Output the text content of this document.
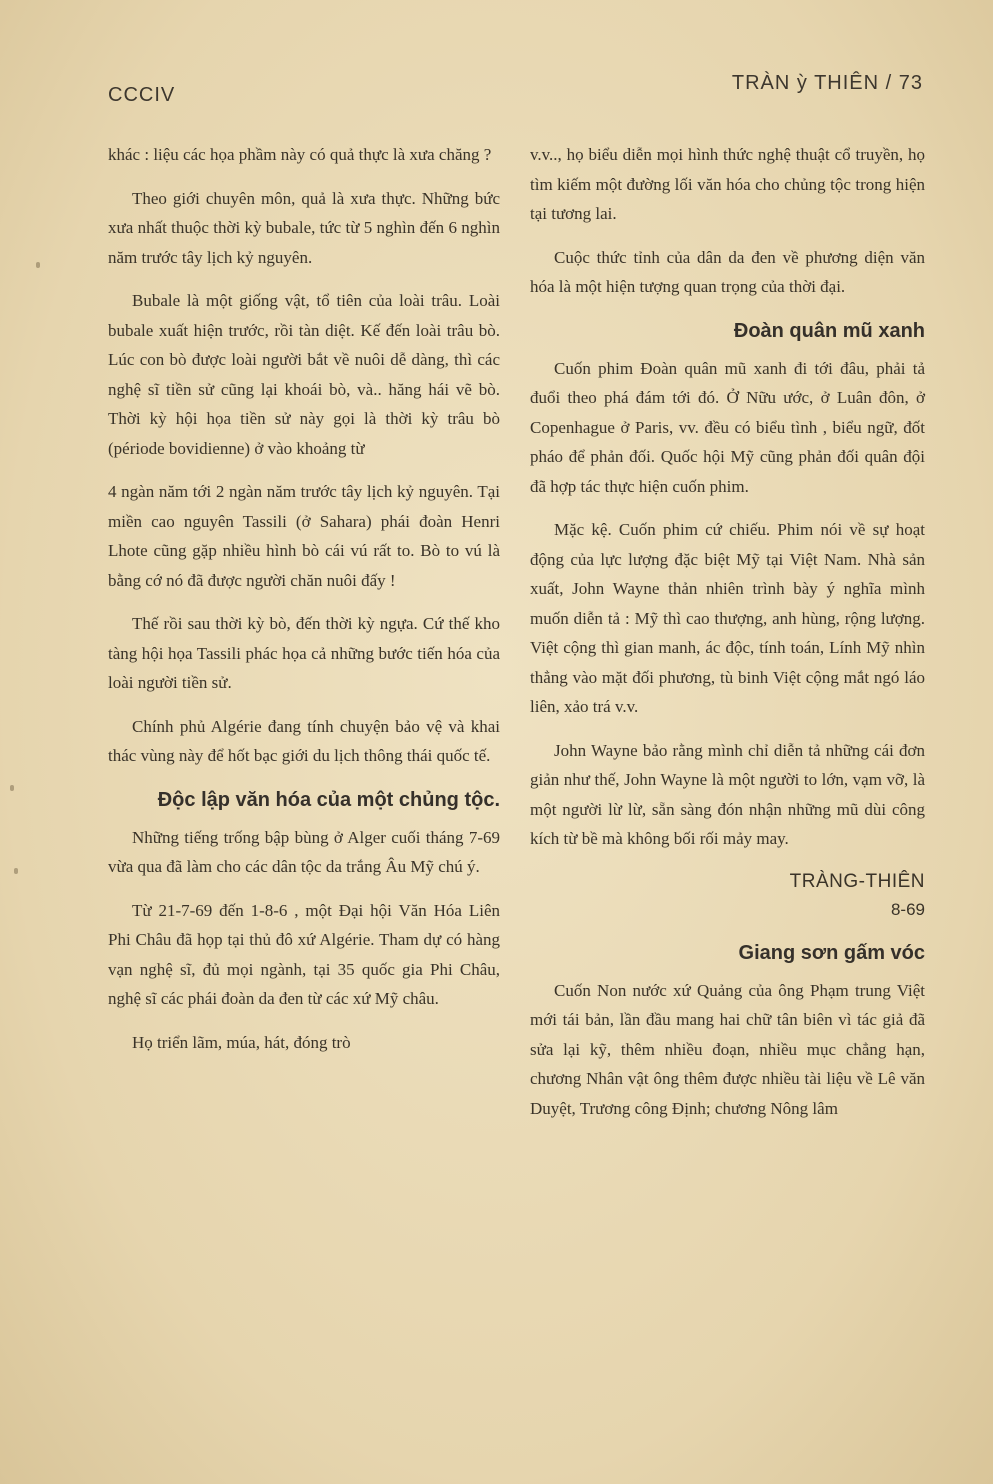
CCCIV
TRÀN ỳ THIÊN / 73

khác : liệu các họa phầm này có quả thực là xưa chăng ?

Theo giới chuyên môn, quả là xưa thực. Những bức xưa nhất thuộc thời kỳ bubale, tức từ 5 nghìn đến 6 nghìn năm trước tây lịch kỷ nguyên.

Bubale là một giống vật, tổ tiên của loài trâu. Loài bubale xuất hiện trước, rồi tàn diệt. Kế đến loài trâu bò. Lúc con bò được loài người bắt về nuôi dễ dàng, thì các nghệ sĩ tiền sử cũng lại khoái bò, và.. hăng hái vẽ bò. Thời kỳ hội họa tiền sử này gọi là thời kỳ trâu bò (période bovidienne) ở vào khoảng từ

4 ngàn năm tới 2 ngàn năm trước tây lịch kỷ nguyên. Tại miền cao nguyên Tassili (ở Sahara) phái đoàn Henri Lhote cũng gặp nhiều hình bò cái vú rất to. Bò to vú là bằng cớ nó đã được người chăn nuôi đấy !

Thế rồi sau thời kỳ bò, đến thời kỳ ngựa. Cứ thế kho tàng hội họa Tassili phác họa cả những bước tiến hóa của loài người tiền sử.

Chính phủ Algérie đang tính chuyện bảo vệ và khai thác vùng này để hốt bạc giới du lịch thông thái quốc tế.

Độc lập văn hóa của một chủng tộc.

Những tiếng trống bập bùng ở Alger cuối tháng 7-69 vừa qua đã làm cho các dân tộc da trắng Âu Mỹ chú ý.

Từ 21-7-69 đến 1-8-6 , một Đại hội Văn Hóa Liên Phi Châu đã họp tại thủ đô xứ Algérie. Tham dự có hàng vạn nghệ sĩ, đủ mọi ngành, tại 35 quốc gia Phi Châu, nghệ sĩ các phái đoàn da đen từ các xứ Mỹ châu.

Họ triển lãm, múa, hát, đóng trò

v.v.., họ biểu diễn mọi hình thức nghệ thuật cổ truyền, họ tìm kiếm một đường lối văn hóa cho chủng tộc trong hiện tại tương lai.

Cuộc thức tỉnh của dân da đen về phương diện văn hóa là một hiện tượng quan trọng của thời đại.

Đoàn quân mũ xanh

Cuốn phim Đoàn quân mũ xanh đi tới đâu, phải tả đuổi theo phá đám tới đó. Ở Nữu ước, ở Luân đôn, ở Copenhague ở Paris, vv. đều có biểu tình , biểu ngữ, đốt pháo để phản đối. Quốc hội Mỹ cũng phản đối quân đội đã hợp tác thực hiện cuốn phim.

Mặc kệ. Cuốn phim cứ chiếu. Phim nói về sự hoạt động của lực lượng đặc biệt Mỹ tại Việt Nam. Nhà sản xuất, John Wayne thản nhiên trình bày ý nghĩa mình muốn diễn tả : Mỹ thì cao thượng, anh hùng, rộng lượng. Việt cộng thì gian manh, ác độc, tính toán, Lính Mỹ nhìn thẳng vào mặt đối phương, tù binh Việt cộng mắt ngó láo liên, xảo trá v.v.

John Wayne bảo rằng mình chỉ diễn tả những cái đơn giản như thế, John Wayne là một người to lớn, vạm vỡ, là một người lừ lừ, sẵn sàng đón nhận những mũ dùi công kích từ bề mà không bối rối mảy may.

TRÀNG-THIÊN
8-69
Giang sơn gấm vóc

Cuốn Non nước xứ Quảng của ông Phạm trung Việt mới tái bản, lần đầu mang hai chữ tân biên vì tác giả đã sửa lại kỹ, thêm nhiều đoạn, nhiều mục chẳng hạn, chương Nhân vật ông thêm được nhiều tài liệu về Lê văn Duyệt, Trương công Định; chương Nông lâm
